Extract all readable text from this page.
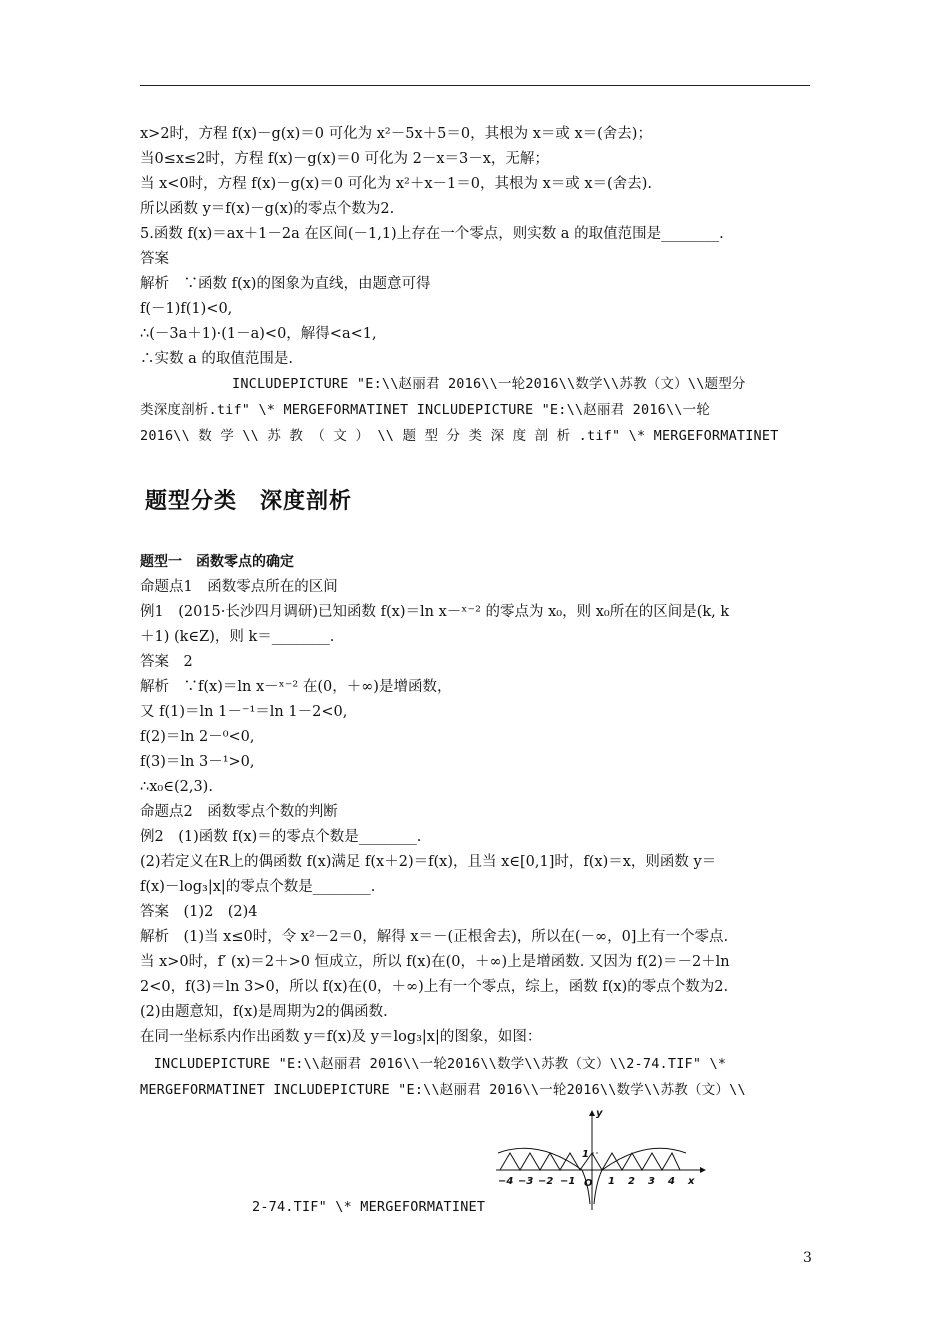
x>2时，方程 f(x)－g(x)＝0 可化为 x²－5x＋5＝0，其根为 x＝或 x＝(舍去)；
当0≤x≤2时，方程 f(x)－g(x)＝0 可化为 2－x＝3－x，无解；
当 x<0时，方程 f(x)－g(x)＝0 可化为 x²＋x－1＝0，其根为 x＝或 x＝(舍去).
所以函数 y＝f(x)－g(x)的零点个数为2.
5.函数 f(x)＝ax＋1－2a 在区间(－1,1)上存在一个零点，则实数 a 的取值范围是________.
答案
解析　∵函数 f(x)的图象为直线，由题意可得
f(－1)f(1)<0,
∴(－3a＋1)·(1－a)<0，解得<a<1,
∴实数 a 的取值范围是.
INCLUDEPICTURE "E:\\赵丽君 2016\\一轮2016\\数学\\苏教（文）\\题型分
类深度剖析.tif" \* MERGEFORMATINET INCLUDEPICTURE "E:\\赵丽君 2016\\一轮
2016\\ 数 学 \\ 苏 教 （ 文 ） \\ 题 型 分 类 深 度 剖 析 .tif" \* MERGEFORMATINET
题型分类　深度剖析
题型一　函数零点的确定
命题点1　函数零点所在的区间
例1　(2015·长沙四月调研)已知函数 f(x)＝ln x－ˣ⁻² 的零点为 x₀，则 x₀所在的区间是(k, k
＋1) (k∈Z)，则 k＝________.
答案　2
解析　∵f(x)＝ln x－ˣ⁻² 在(0，＋∞)是增函数，
又 f(1)＝ln 1－⁻¹＝ln 1－2<0,
f(2)＝ln 2－⁰<0,
f(3)＝ln 3－¹>0,
∴x₀∈(2,3).
命题点2　函数零点个数的判断
例2　(1)函数 f(x)＝的零点个数是________.
(2)若定义在R上的偶函数 f(x)满足 f(x＋2)＝f(x)，且当 x∈[0,1]时，f(x)＝x，则函数 y＝
f(x)－log₃|x|的零点个数是________.
答案　(1)2　(2)4
解析　(1)当 x≤0时，令 x²－2＝0，解得 x＝－(正根舍去)，所以在(－∞，0]上有一个零点.
当 x>0时，f′ (x)＝2＋>0 恒成立，所以 f(x)在(0，＋∞)上是增函数. 又因为 f(2)＝－2＋ln
2<0，f(3)＝ln 3>0，所以 f(x)在(0，＋∞)上有一个零点，综上，函数 f(x)的零点个数为2.
(2)由题意知，f(x)是周期为2的偶函数.
在同一坐标系内作出函数 y＝f(x)及 y＝log₃|x|的图象，如图：
　INCLUDEPICTURE "E:\\赵丽君 2016\\一轮2016\\数学\\苏教（文）\\2-74.TIF" \*
MERGEFORMATINET INCLUDEPICTURE "E:\\赵丽君 2016\\一轮2016\\数学\\苏教（文）\\
2-74.TIF" \* MERGEFORMATINET
y
x
1
O
−4 −3 −2 −1	1 2 3 4
3
